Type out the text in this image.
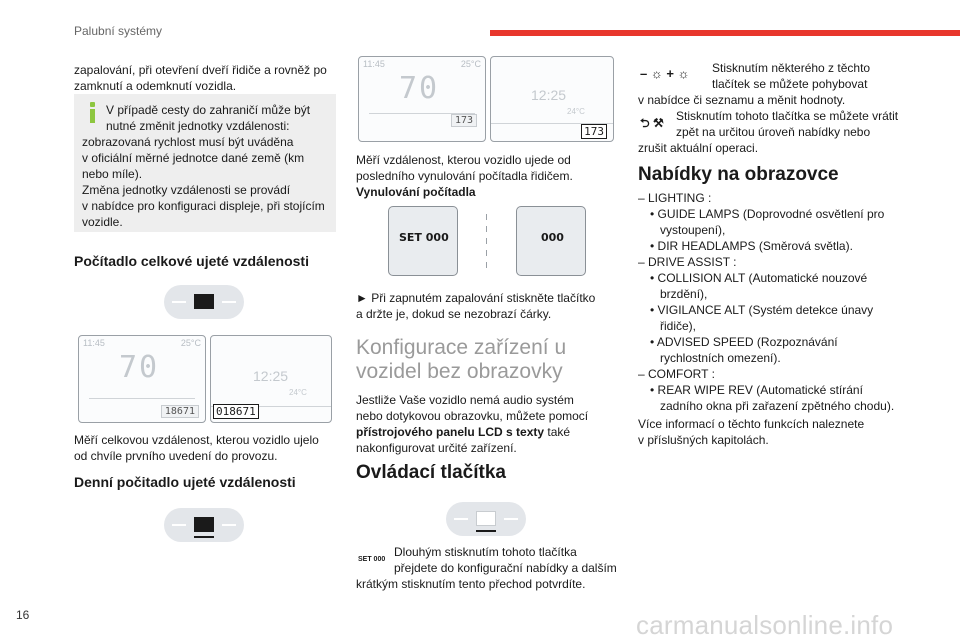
Palubní systémy
zapalování, při otevření dveří řidiče a rovněž po zamknutí a odemknutí vozidla.
V případě cesty do zahraničí může být
nutné změnit jednotky vzdálenosti:
zobrazovaná rychlost musí být uváděna
v oficiální měrné jednotce dané země (km
nebo míle).
Změna jednotky vzdálenosti se provádí
v nabídce pro konfiguraci displeje, při stojícím
vozidle.
Počítadlo celkové ujeté vzdálenosti
11:45	25°C
70
18671
12:25
24°C
018671
Měří celkovou vzdálenost, kterou vozidlo ujelo
od chvíle prvního uvedení do provozu.
Denní počitadlo ujeté vzdálenosti
11:45	25°C
70
173
12:25
24°C
173
Měří vzdálenost, kterou vozidlo ujede od
posledního vynulování počítadla řidičem.
Vynulování počítadla
SET 000	000
► Při zapnutém zapalování stiskněte tlačítko
a držte je, dokud se nezobrazí čárky.
Konfigurace zařízení u
vozidel bez obrazovky
Jestliže Vaše vozidlo nemá audio systém
nebo dotykovou obrazovku, můžete pomocí
přístrojového panelu LCD s texty také
nakonfigurovat určité zařízení.
Ovládací tlačítka
SET 000
Dlouhým stisknutím tohoto tlačítka
přejdete do konfigurační nabídky a dalším
krátkým stisknutím tento přechod potvrdíte.
– ☼ + ☼ Stisknutím některého z těchto
tlačítek se můžete pohybovat
v nabídce či seznamu a měnit hodnoty.
⮌ ⚒ Stisknutím tohoto tlačítka se můžete vrátit
zpět na určitou úroveň nabídky nebo
zrušit aktuální operaci.
Nabídky na obrazovce
– LIGHTING :
• GUIDE LAMPS (Doprovodné osvětlení pro
vystoupení),
• DIR HEADLAMPS (Směrová světla).
– DRIVE ASSIST :
• COLLISION ALT (Automatické nouzové
brzdění),
• VIGILANCE ALT (Systém detekce únavy
řidiče),
• ADVISED SPEED (Rozpoznávání
rychlostních omezení).
– COMFORT :
• REAR WIPE REV (Automatické stírání
zadního okna při zařazení zpětného chodu).
Více informací o těchto funkcích naleznete
v příslušných kapitolách.
16	carmanualsonline.info
